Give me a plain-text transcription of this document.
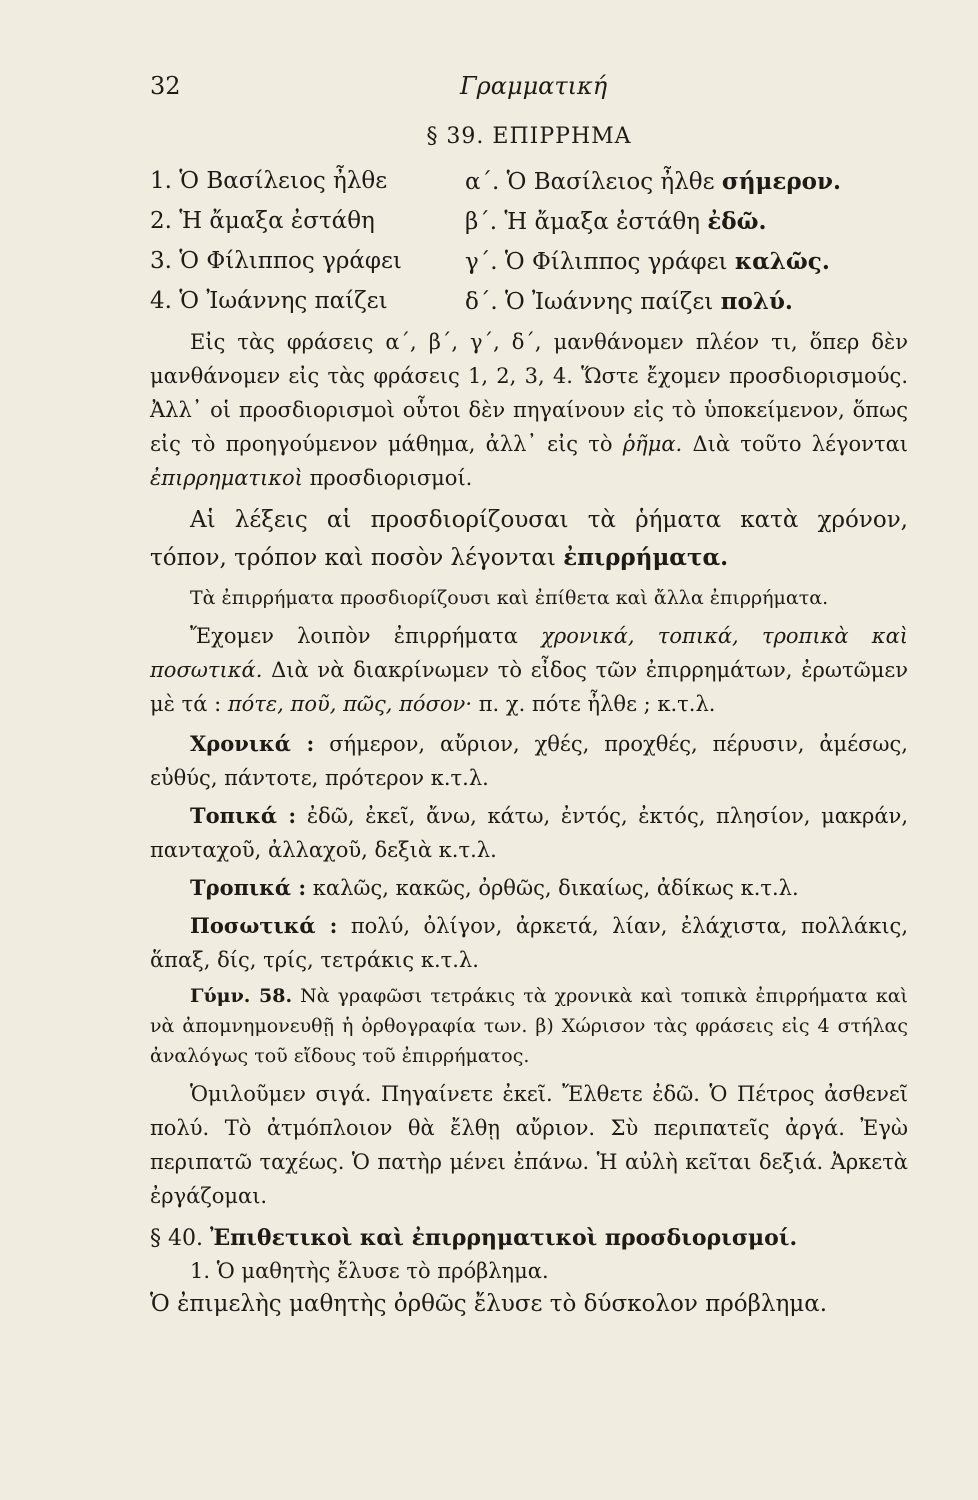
32	Γραμματική
§ 39. ΕΠΙΡΡΗΜΑ
1. Ὁ Βασίλειος ἦλθε	α΄. Ὁ Βασίλειος ἦλθε σήμερον.
2. Ἡ ἄμαξα ἐστάθη	β΄. Ἡ ἄμαξα ἐστάθη ἐδῶ.
3. Ὁ Φίλιππος γράφει	γ΄. Ὁ Φίλιππος γράφει καλῶς.
4. Ὁ Ἰωάννης παίζει	δ΄. Ὁ Ἰωάννης παίζει πολύ.

Εἰς τὰς φράσεις α΄, β΄, γ΄, δ΄, μανθάνομεν πλέον τι, ὅπερ δὲν μανθάνομεν εἰς τὰς φράσεις 1, 2, 3, 4. Ὥστε ἔχομεν προσδιορισμούς. Ἀλλ᾽ οἱ προσδιορισμοὶ οὗτοι δὲν πηγαίνουν εἰς τὸ ὑποκείμενον, ὅπως εἰς τὸ προηγούμενον μάθημα, ἀλλ᾽ εἰς τὸ ῥῆμα. Διὰ τοῦτο λέγονται ἐπιρρηματικοὶ προσδιορισμοί.

Αἱ λέξεις αἱ προσδιορίζουσαι τὰ ῥήματα κατὰ χρόνον, τόπον, τρόπον καὶ ποσὸν λέγονται ἐπιρρήματα.

Τὰ ἐπιρρήματα προσδιορίζουσι καὶ ἐπίθετα καὶ ἄλλα ἐπιρρήματα.

Ἔχομεν λοιπὸν ἐπιρρήματα χρονικά, τοπικά, τροπικὰ καὶ ποσωτικά. Διὰ νὰ διακρίνωμεν τὸ εἶδος τῶν ἐπιρρημάτων, ἐρωτῶμεν μὲ τά : πότε, ποῦ, πῶς, πόσον· π. χ. πότε ἦλθε ; κ.τ.λ.

Χρονικά : σήμερον, αὔριον, χθές, προχθές, πέρυσιν, ἀμέσως, εὐθύς, πάντοτε, πρότερον κ.τ.λ.

Τοπικά : ἐδῶ, ἐκεῖ, ἄνω, κάτω, ἐντός, ἐκτός, πλησίον, μακράν, πανταχοῦ, ἀλλαχοῦ, δεξιὰ κ.τ.λ.

Τροπικά : καλῶς, κακῶς, ὀρθῶς, δικαίως, ἀδίκως κ.τ.λ.

Ποσωτικά : πολύ, ὀλίγον, ἀρκετά, λίαν, ἐλάχιστα, πολλάκις, ἅπαξ, δίς, τρίς, τετράκις κ.τ.λ.

Γύμν. 58. Νὰ γραφῶσι τετράκις τὰ χρονικὰ καὶ τοπικὰ ἐπιρρήματα καὶ νὰ ἀπομνημονευθῇ ἡ ὀρθογραφία των. β) Χώρισον τὰς φράσεις εἰς 4 στήλας ἀναλόγως τοῦ εἴδους τοῦ ἐπιρρήματος.

Ὁμιλοῦμεν σιγά. Πηγαίνετε ἐκεῖ. Ἔλθετε ἐδῶ. Ὁ Πέτρος ἀσθενεῖ πολύ. Τὸ ἀτμόπλοιον θὰ ἔλθῃ αὔριον. Σὺ περιπατεῖς ἀργά. Ἐγὼ περιπατῶ ταχέως. Ὁ πατὴρ μένει ἐπάνω. Ἡ αὐλὴ κεῖται δεξιά. Ἀρκετὰ ἐργάζομαι.

§ 40. Ἐπιθετικοὶ καὶ ἐπιρρηματικοὶ προσδιορισμοί.

1. Ὁ μαθητὴς ἔλυσε τὸ πρόβλημα.

Ὁ ἐπιμελὴς μαθητὴς ὀρθῶς ἔλυσε τὸ δύσκολον πρόβλημα.
